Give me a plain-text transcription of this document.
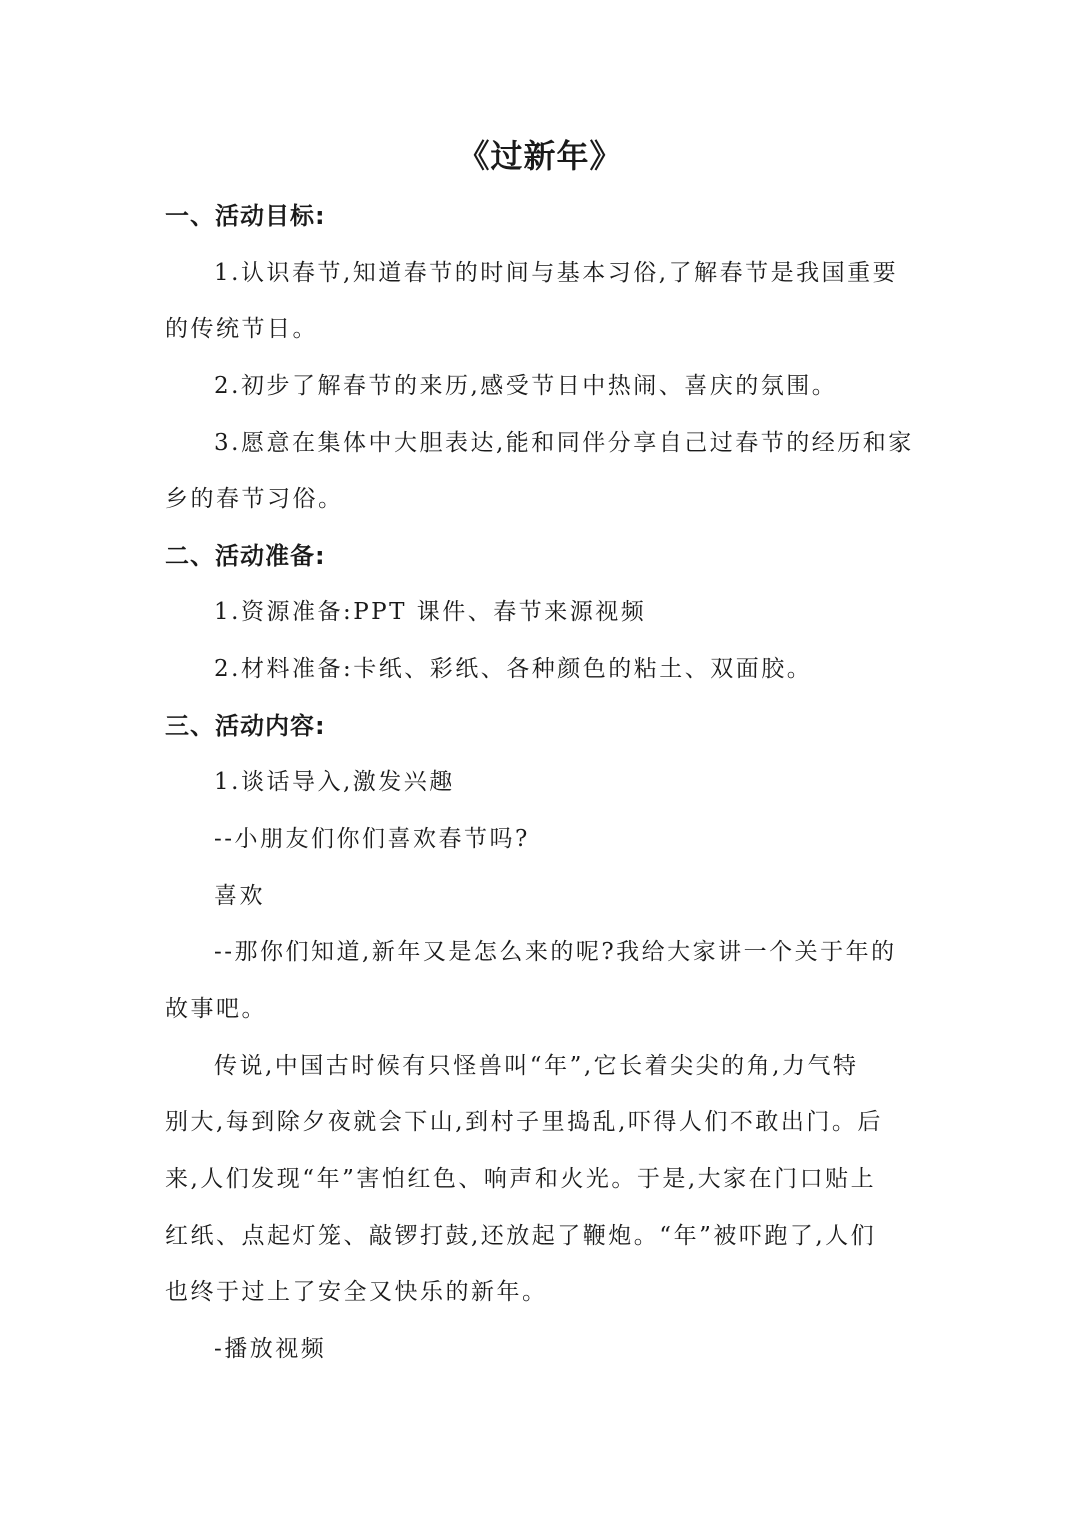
《过新年》
一、活动目标:
1.认识春节,知道春节的时间与基本习俗,了解春节是我国重要
的传统节日。
2.初步了解春节的来历,感受节日中热闹、喜庆的氛围。
3.愿意在集体中大胆表达,能和同伴分享自己过春节的经历和家
乡的春节习俗。
二、活动准备:
1.资源准备:PPT 课件、春节来源视频
2.材料准备:卡纸、彩纸、各种颜色的粘土、双面胶。
三、活动内容:
1.谈话导入,激发兴趣
--小朋友们你们喜欢春节吗?
喜欢
--那你们知道,新年又是怎么来的呢?我给大家讲一个关于年的
故事吧。
传说,中国古时候有只怪兽叫“年”,它长着尖尖的角,力气特
别大,每到除夕夜就会下山,到村子里捣乱,吓得人们不敢出门。后
来,人们发现“年”害怕红色、响声和火光。于是,大家在门口贴上
红纸、点起灯笼、敲锣打鼓,还放起了鞭炮。“年”被吓跑了,人们
也终于过上了安全又快乐的新年。
-播放视频
